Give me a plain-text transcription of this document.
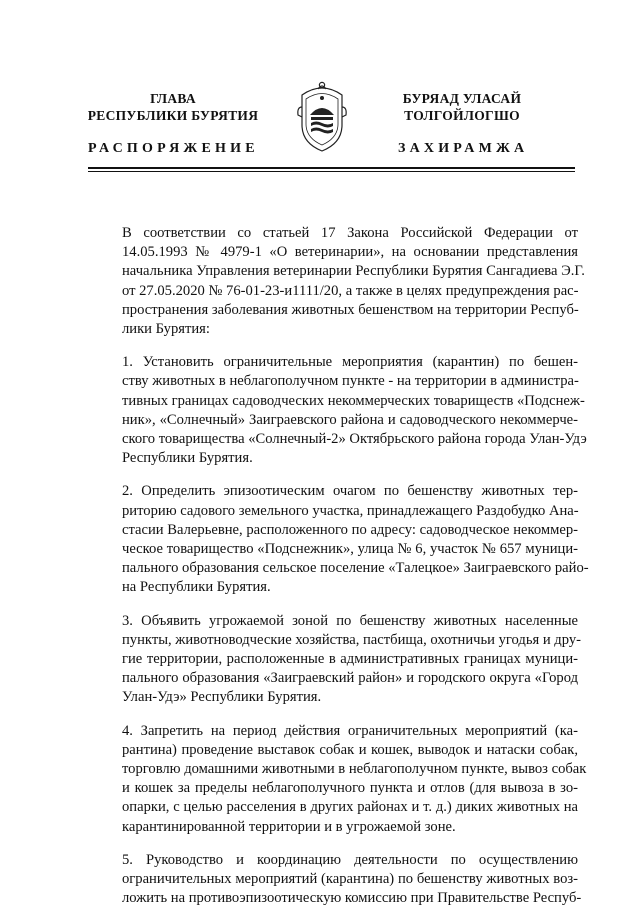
ГЛАВА
РЕСПУБЛИКИ БУРЯТИЯ
РАСПОРЯЖЕНИЕ
БУРЯАД УЛАСАЙ
ТОЛГОЙЛОГШО
ЗАХИРАМЖА

В соответствии со статьей 17 Закона Российской Федерации от
14.05.1993 № 4979-1 «О ветеринарии», на основании представления
начальника Управления ветеринарии Республики Бурятия Сангадиева Э.Г.
от 27.05.2020 № 76-01-23-и1111/20, а также в целях предупреждения рас-
пространения заболевания животных бешенством на территории Респуб-
лики Бурятия:

1. Установить ограничительные мероприятия (карантин) по бешен-
ству животных в неблагополучном пункте - на территории в администра-
тивных границах садоводческих некоммерческих товариществ «Подснеж-
ник», «Солнечный» Заиграевского района и садоводческого некоммерче-
ского товарищества «Солнечный-2» Октябрьского района города Улан-Удэ
Республики Бурятия.

2. Определить эпизоотическим очагом по бешенству животных тер-
риторию садового земельного участка, принадлежащего Раздобудко Ана-
стасии Валерьевне, расположенного по адресу: садоводческое некоммер-
ческое товарищество «Подснежник», улица № 6, участок № 657 муници-
пального образования сельское поселение «Талецкое» Заиграевского райо-
на Республики Бурятия.

3. Объявить угрожаемой зоной по бешенству животных населенные
пункты, животноводческие хозяйства, пастбища, охотничьи угодья и дру-
гие территории, расположенные в административных границах муници-
пального образования «Заиграевский район» и городского округа «Город
Улан-Удэ» Республики Бурятия.

4. Запретить на период действия ограничительных мероприятий (ка-
рантина) проведение выставок собак и кошек, выводок и натаски собак,
торговлю домашними животными в неблагополучном пункте, вывоз собак
и кошек за пределы неблагополучного пункта и отлов (для вывоза в зо-
опарки, с целью расселения в других районах и т. д.) диких животных на
карантинированной территории и в угрожаемой зоне.

5. Руководство и координацию деятельности по осуществлению
ограничительных мероприятий (карантина) по бешенству животных воз-
ложить на противоэпизоотическую комиссию при Правительстве Респуб-
